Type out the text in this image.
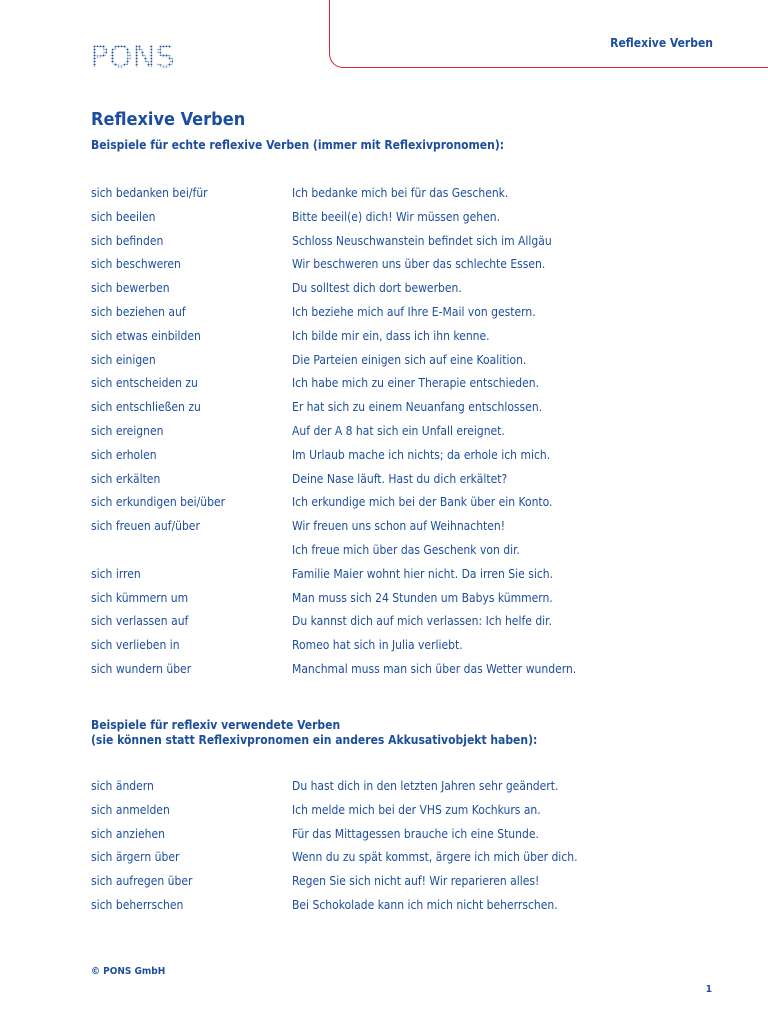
PONS	Reflexive Verben
Reflexive Verben
Beispiele für echte reflexive Verben (immer mit Reflexivpronomen):
sich bedanken bei/für	Ich bedanke mich bei für das Geschenk.
sich beeilen	Bitte beeil(e) dich! Wir müssen gehen.
sich befinden	Schloss Neuschwanstein befindet sich im Allgäu
sich beschweren	Wir beschweren uns über das schlechte Essen.
sich bewerben	Du solltest dich dort bewerben.
sich beziehen auf	Ich beziehe mich auf Ihre E-Mail von gestern.
sich etwas einbilden	Ich bilde mir ein, dass ich ihn kenne.
sich einigen	Die Parteien einigen sich auf eine Koalition.
sich entscheiden zu	Ich habe mich zu einer Therapie entschieden.
sich entschließen zu	Er hat sich zu einem Neuanfang entschlossen.
sich ereignen	Auf der A 8 hat sich ein Unfall ereignet.
sich erholen	Im Urlaub mache ich nichts; da erhole ich mich.
sich erkälten	Deine Nase läuft. Hast du dich erkältet?
sich erkundigen bei/über	Ich erkundige mich bei der Bank über ein Konto.
sich freuen auf/über	Wir freuen uns schon auf Weihnachten!
Ich freue mich über das Geschenk von dir.
sich irren	Familie Maier wohnt hier nicht. Da irren Sie sich.
sich kümmern um	Man muss sich 24 Stunden um Babys kümmern.
sich verlassen auf	Du kannst dich auf mich verlassen: Ich helfe dir.
sich verlieben in	Romeo hat sich in Julia verliebt.
sich wundern über	Manchmal muss man sich über das Wetter wundern.
Beispiele für reflexiv verwendete Verben
(sie können statt Reflexivpronomen ein anderes Akkusativobjekt haben):
sich ändern	Du hast dich in den letzten Jahren sehr geändert.
sich anmelden	Ich melde mich bei der VHS zum Kochkurs an.
sich anziehen	Für das Mittagessen brauche ich eine Stunde.
sich ärgern über	Wenn du zu spät kommst, ärgere ich mich über dich.
sich aufregen über	Regen Sie sich nicht auf! Wir reparieren alles!
sich beherrschen	Bei Schokolade kann ich mich nicht beherrschen.
© PONS GmbH
1
